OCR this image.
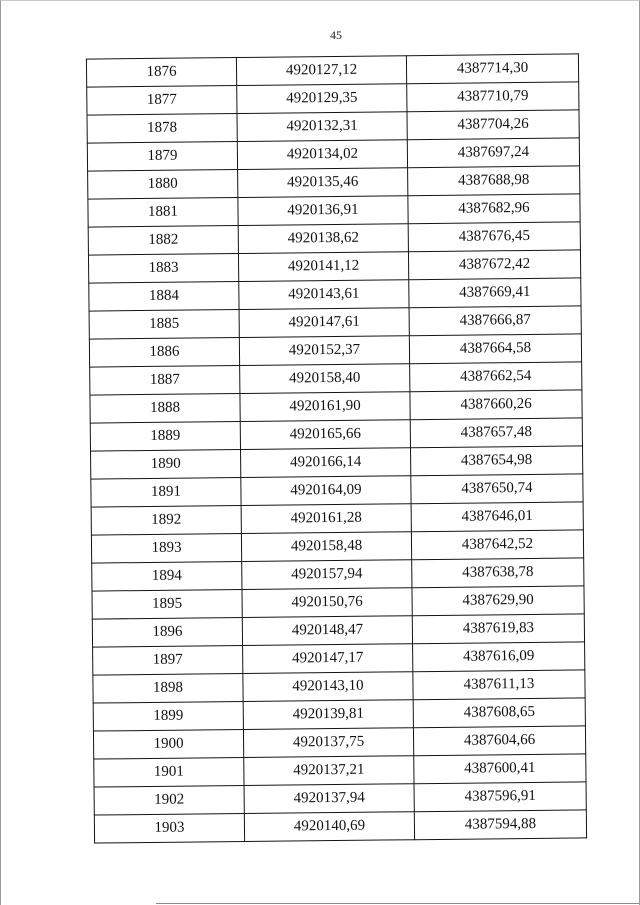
45
1876	4920127,12	4387714,30
1877	4920129,35	4387710,79
1878	4920132,31	4387704,26
1879	4920134,02	4387697,24
1880	4920135,46	4387688,98
1881	4920136,91	4387682,96
1882	4920138,62	4387676,45
1883	4920141,12	4387672,42
1884	4920143,61	4387669,41
1885	4920147,61	4387666,87
1886	4920152,37	4387664,58
1887	4920158,40	4387662,54
1888	4920161,90	4387660,26
1889	4920165,66	4387657,48
1890	4920166,14	4387654,98
1891	4920164,09	4387650,74
1892	4920161,28	4387646,01
1893	4920158,48	4387642,52
1894	4920157,94	4387638,78
1895	4920150,76	4387629,90
1896	4920148,47	4387619,83
1897	4920147,17	4387616,09
1898	4920143,10	4387611,13
1899	4920139,81	4387608,65
1900	4920137,75	4387604,66
1901	4920137,21	4387600,41
1902	4920137,94	4387596,91
1903	4920140,69	4387594,88
